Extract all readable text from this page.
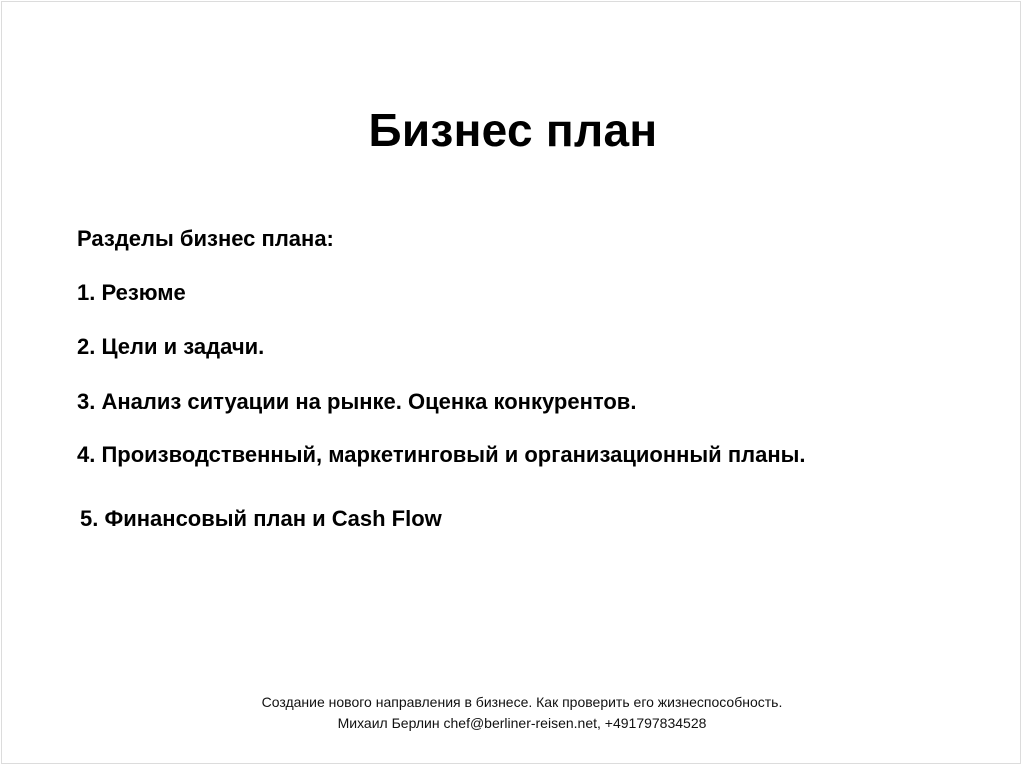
Бизнес план
Разделы бизнес плана:
1. Резюме
2. Цели и задачи.
3. Анализ ситуации на рынке. Оценка конкурентов.
4. Производственный, маркетинговый и организационный планы.
5. Финансовый план и Cash Flow
Создание нового направления в бизнесе. Как проверить его жизнеспособность.
Михаил Берлин chef@berliner-reisen.net, +491797834528
